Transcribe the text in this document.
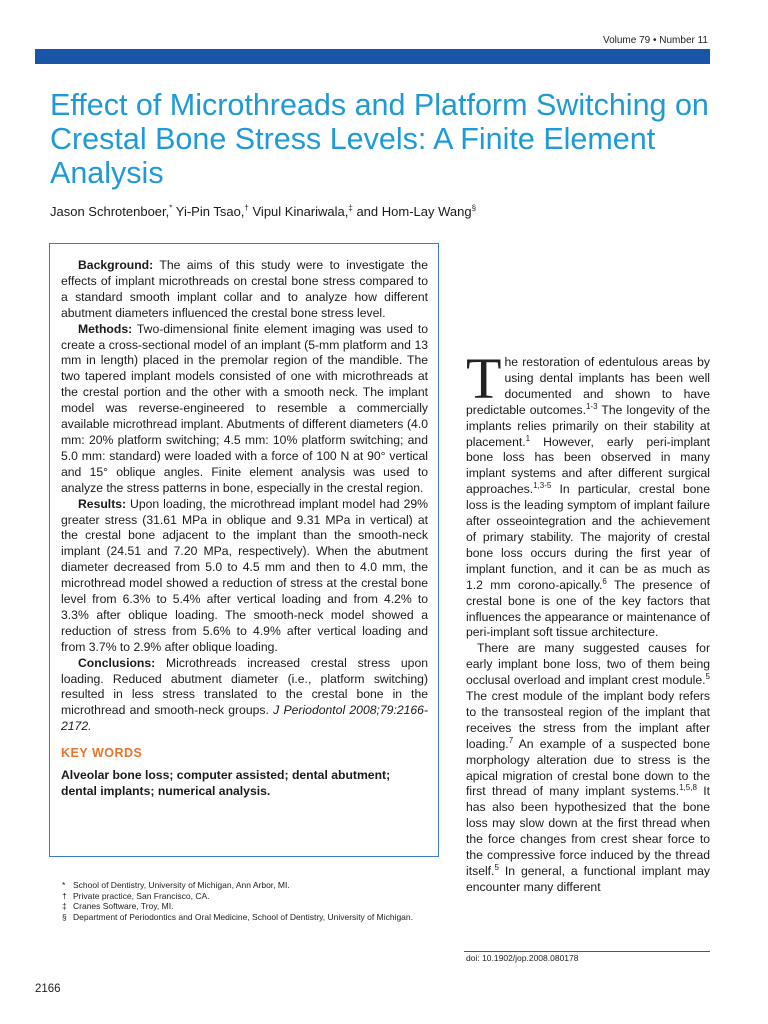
Volume 79 • Number 11
Effect of Microthreads and Platform Switching on Crestal Bone Stress Levels: A Finite Element Analysis
Jason Schrotenboer,* Yi-Pin Tsao,† Vipul Kinariwala,‡ and Hom-Lay Wang§

Background: The aims of this study were to investigate the effects of implant microthreads on crestal bone stress compared to a standard smooth implant collar and to analyze how different abutment diameters influenced the crestal bone stress level.

Methods: Two-dimensional finite element imaging was used to create a cross-sectional model of an implant (5-mm platform and 13 mm in length) placed in the premolar region of the mandible. The two tapered implant models consisted of one with microthreads at the crestal portion and the other with a smooth neck. The implant model was reverse-engineered to resemble a commercially available microthread implant. Abutments of different diameters (4.0 mm: 20% platform switching; 4.5 mm: 10% platform switching; and 5.0 mm: standard) were loaded with a force of 100 N at 90° vertical and 15° oblique angles. Finite element analysis was used to analyze the stress patterns in bone, especially in the crestal region.

Results: Upon loading, the microthread implant model had 29% greater stress (31.61 MPa in oblique and 9.31 MPa in vertical) at the crestal bone adjacent to the implant than the smooth-neck implant (24.51 and 7.20 MPa, respectively). When the abutment diameter decreased from 5.0 to 4.5 mm and then to 4.0 mm, the microthread model showed a reduction of stress at the crestal bone level from 6.3% to 5.4% after vertical loading and from 4.2% to 3.3% after oblique loading. The smooth-neck model showed a reduction of stress from 5.6% to 4.9% after vertical loading and from 3.7% to 2.9% after oblique loading.

Conclusions: Microthreads increased crestal stress upon loading. Reduced abutment diameter (i.e., platform switching) resulted in less stress translated to the crestal bone in the microthread and smooth-neck groups. J Periodontol 2008;79:2166-2172.

KEY WORDS
Alveolar bone loss; computer assisted; dental abutment; dental implants; numerical analysis.
* School of Dentistry, University of Michigan, Ann Arbor, MI.
† Private practice, San Francisco, CA.
‡ Cranes Software, Troy, MI.
§ Department of Periodontics and Oral Medicine, School of Dentistry, University of Michigan.

The restoration of edentulous areas by using dental implants has been well documented and shown to have predictable outcomes.$^{1-3}$ The longevity of the implants relies primarily on their stability at placement.$^1$ However, early peri-implant bone loss has been observed in many implant systems and after different surgical approaches.$^{1,3-5}$ In particular, crestal bone loss is the leading symptom of implant failure after osseointegration and the achievement of primary stability. The majority of crestal bone loss occurs during the first year of implant function, and it can be as much as 1.2 mm corono-apically.$^6$ The presence of crestal bone is one of the key factors that influences the appearance or maintenance of peri-implant soft tissue architecture.

There are many suggested causes for early implant bone loss, two of them being occlusal overload and implant crest module.$^5$ The crest module of the implant body refers to the transosteal region of the implant that receives the stress from the implant after loading.$^7$ An example of a suspected bone morphology alteration due to stress is the apical migration of crestal bone down to the first thread of many implant systems.$^{1,5,8}$ It has also been hypothesized that the bone loss may slow down at the first thread when the force changes from crest shear force to the compressive force induced by the thread itself.$^5$ In general, a functional implant may encounter many different

doi: 10.1902/jop.2008.080178
2166
